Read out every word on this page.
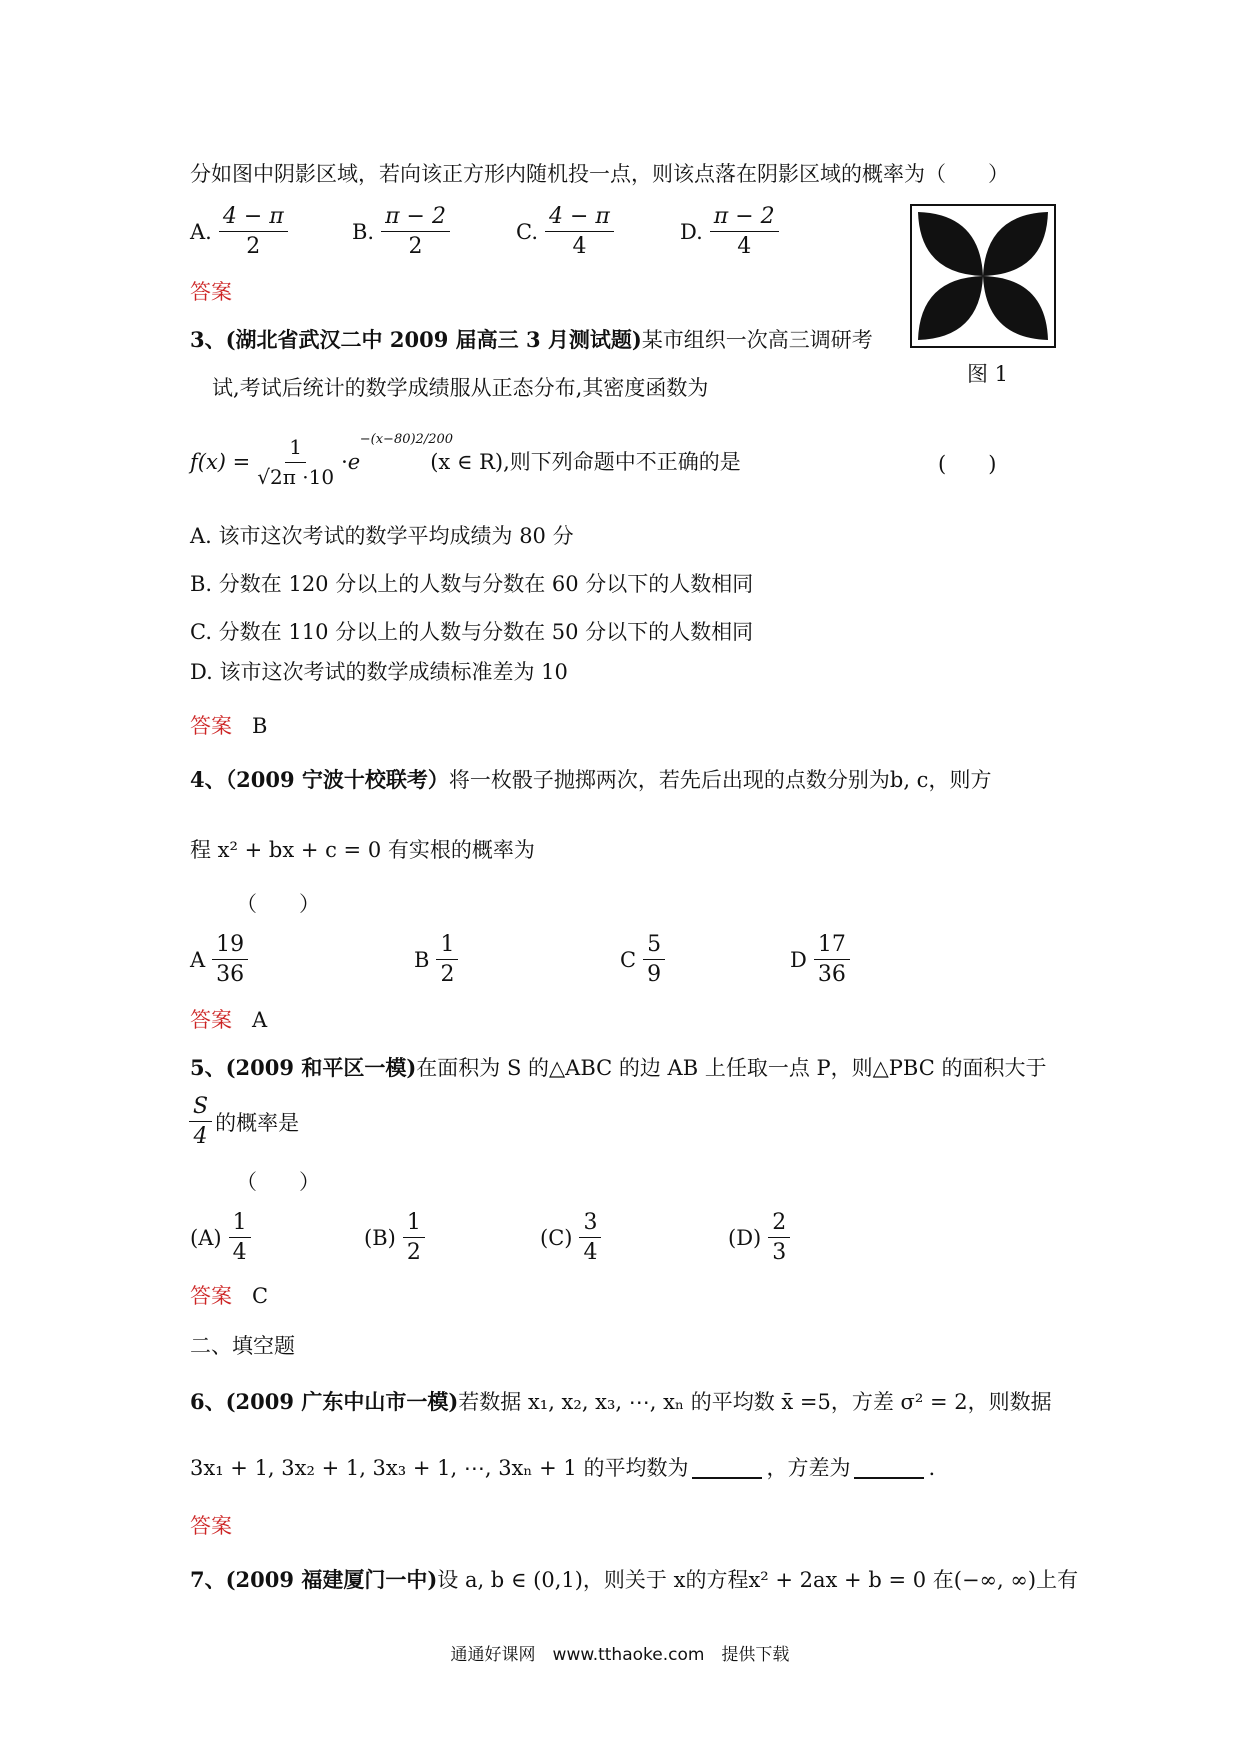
分如图中阴影区域，若向该正方形内随机投一点，则该点落在阴影区域的概率为（　　）
A. $\frac{4 - \pi}{2}$	B. $\frac{\pi - 2}{2}$	C. $\frac{4 - \pi}{4}$	D. $\frac{\pi - 2}{4}$
答案
图 1
3、(湖北省武汉二中 2009 届高三 3 月测试题)某市组织一次高三调研考
试,考试后统计的数学成绩服从正态分布,其密度函数为
$f(x) = \frac{1}{√2\pi \cdot 10} \cdot e$
−(x−80)2/200
(x ∈ R),则下列命题中不正确的是	(　　)
A. 该市这次考试的数学平均成绩为 80 分
B. 分数在 120 分以上的人数与分数在 60 分以下的人数相同
C. 分数在 110 分以上的人数与分数在 50 分以下的人数相同
D. 该市这次考试的数学成绩标准差为 10
答案 B
4、（2009 宁波十校联考）将一枚骰子抛掷两次，若先后出现的点数分别为b, c，则方
程 x² + bx + c = 0 有实根的概率为
（　　）
A $\frac{19}{36}$	B $\frac{1}{2}$	C $\frac{5}{9}$	D $\frac{17}{36}$
答案 A
5、(2009 和平区一模)在面积为 S 的△ABC 的边 AB 上任取一点 P，则△PBC 的面积大于
$\frac{S}{4}$ 的概率是
（　　）
$(A) \frac{1}{4}$	$(B) \frac{1}{2}$	$(C) \frac{3}{4}$	$(D) \frac{2}{3}$
答案 C
二、填空题
6、(2009 广东中山市一模)若数据 x₁, x₂, x₃, ⋯, xₙ 的平均数 x̄ =5，方差 σ² = 2，则数据
3x₁ + 1, 3x₂ + 1, 3x₃ + 1, ⋯, 3xₙ + 1 的平均数为	，方差为	.
答案
7、(2009 福建厦门一中)设 a, b ∈ (0,1)，则关于 x的方程x² + 2ax + b = 0 在(−∞, ∞)上有
通通好课网　www.tthaoke.com　提供下载
